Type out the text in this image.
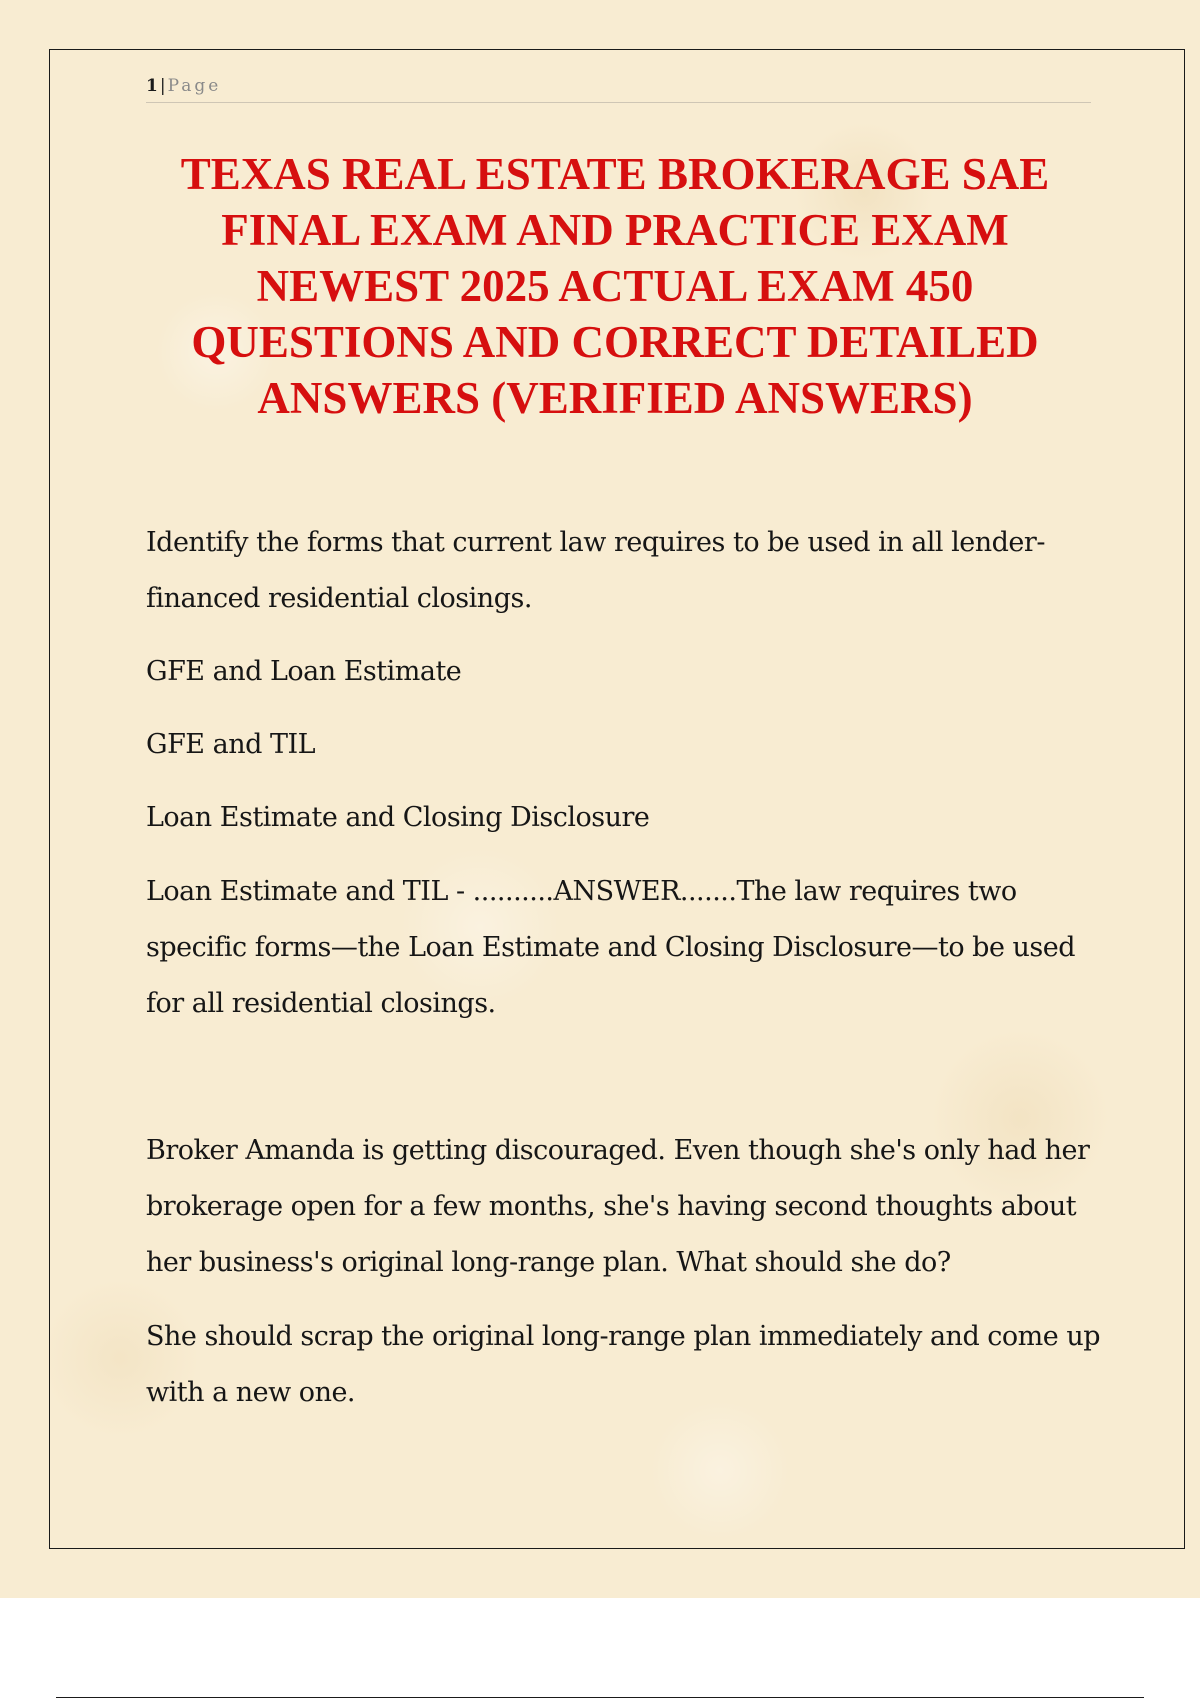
1 | Page
TEXAS REAL ESTATE BROKERAGE SAE FINAL EXAM AND PRACTICE EXAM NEWEST 2025 ACTUAL EXAM 450 QUESTIONS AND CORRECT DETAILED ANSWERS (VERIFIED ANSWERS)

Identify the forms that current law requires to be used in all lender-financed residential closings.

GFE and Loan Estimate

GFE and TIL

Loan Estimate and Closing Disclosure

Loan Estimate and TIL - ..........ANSWER.......The law requires two specific forms—the Loan Estimate and Closing Disclosure—to be used for all residential closings.

Broker Amanda is getting discouraged. Even though she's only had her brokerage open for a few months, she's having second thoughts about her business's original long-range plan. What should she do?

She should scrap the original long-range plan immediately and come up with a new one.
